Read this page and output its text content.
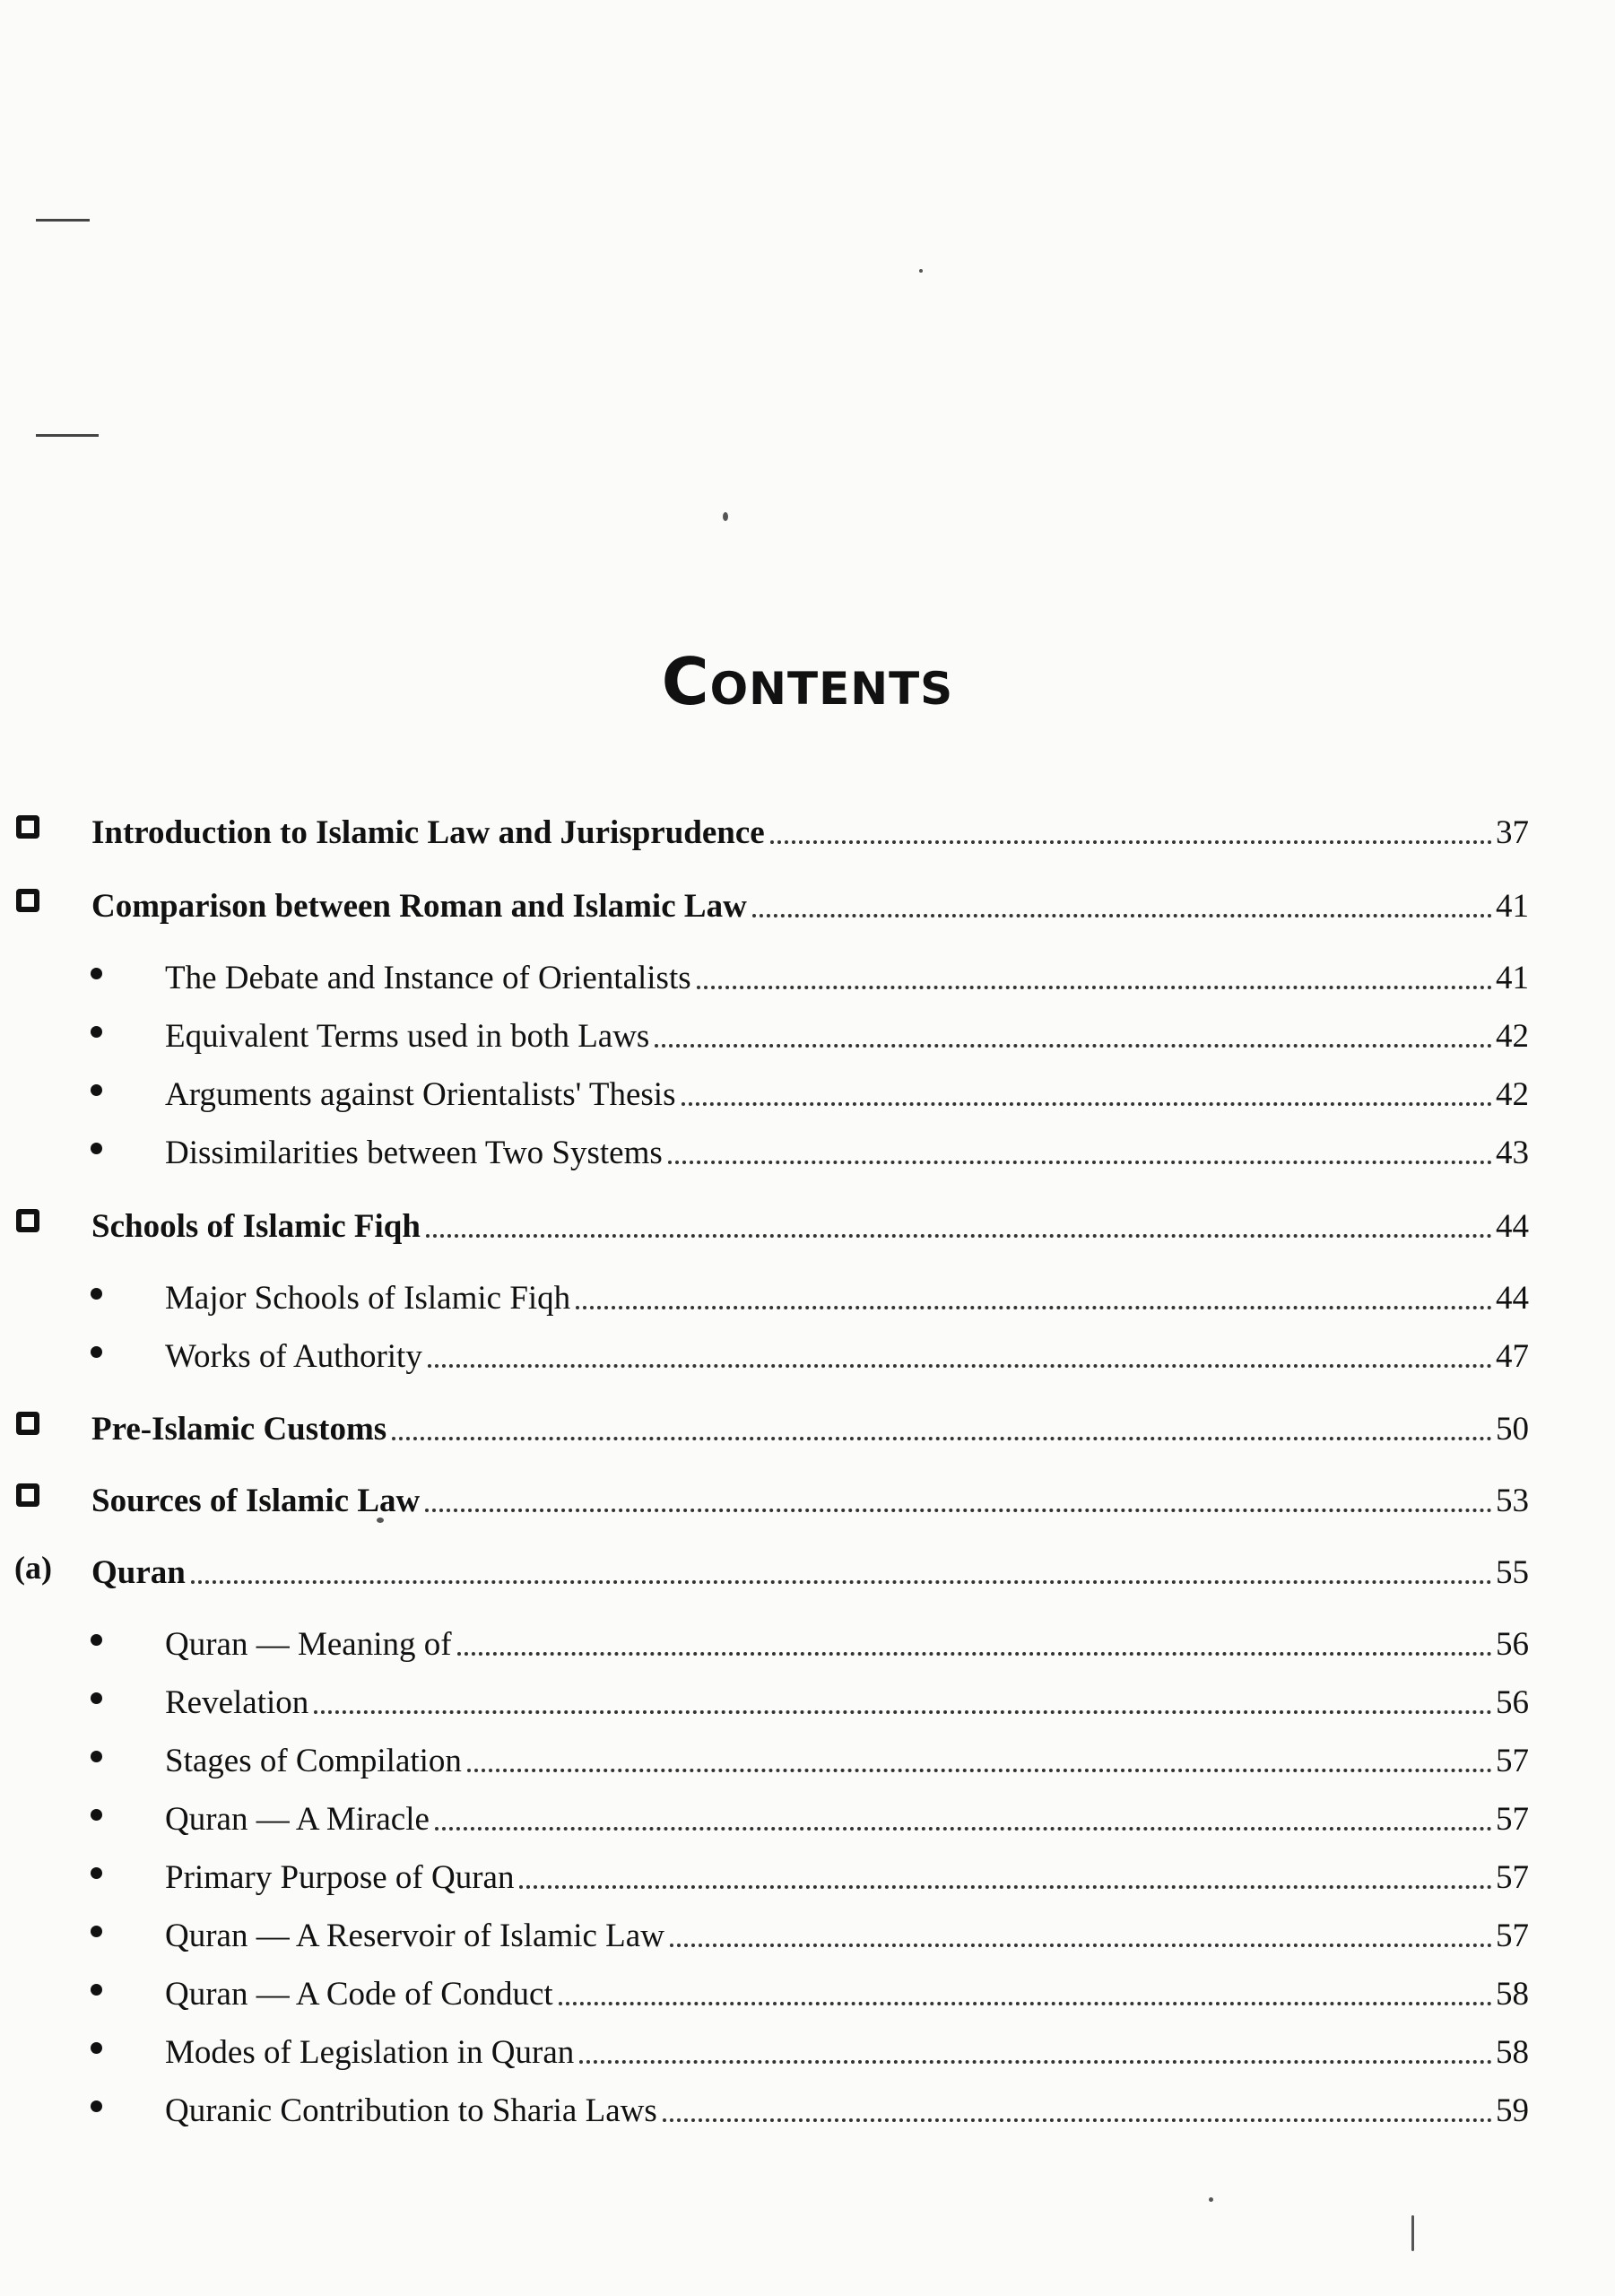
Contents
Introduction to Islamic Law and Jurisprudence	37
Comparison between Roman and Islamic Law	41
The Debate and Instance of Orientalists	41
Equivalent Terms used in both Laws	42
Arguments against Orientalists' Thesis	42
Dissimilarities between Two Systems	43
Schools of Islamic Fiqh	44
Major Schools of Islamic Fiqh	44
Works of Authority	47
Pre-Islamic Customs	50
Sources of Islamic Law	53
(a) Quran	55
Quran — Meaning of	56
Revelation	56
Stages of Compilation	57
Quran — A Miracle	57
Primary Purpose of Quran	57
Quran — A Reservoir of Islamic Law	57
Quran — A Code of Conduct	58
Modes of Legislation in Quran	58
Quranic Contribution to Sharia Laws	59
